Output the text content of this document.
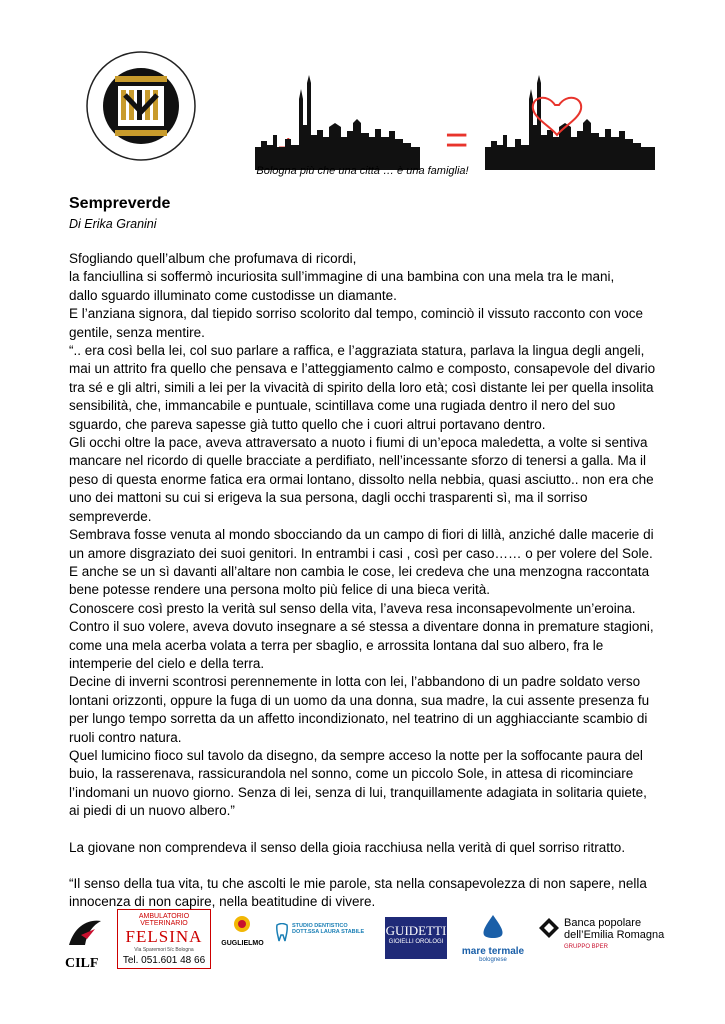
=
Bologna più che una città … è una famiglia!
Sempreverde
Di Erika Granini

Sfogliando quell’album che profumava di ricordi,

la fanciullina si soffermò incuriosita sull’immagine di una bambina con una mela tra le mani,

dallo sguardo illuminato come custodisse un diamante.

E l’anziana signora, dal tiepido sorriso scolorito dal tempo, cominciò il vissuto racconto con voce

gentile, senza mentire.

“.. era così bella lei, col suo parlare a raffica, e l’aggraziata statura, parlava la lingua degli angeli,

mai un attrito fra quello che pensava e l’atteggiamento calmo e composto, consapevole del divario

tra sé e gli altri, simili a lei per la vivacità di spirito della loro età; così distante lei per quella insolita

sensibilità, che, immancabile e puntuale, scintillava come una rugiada dentro il nero del suo

sguardo, che pareva sapesse già tutto quello che i cuori altrui portavano dentro.

Gli occhi oltre la pace, aveva attraversato a nuoto i fiumi di un’epoca maledetta, a volte si sentiva

mancare nel ricordo di quelle bracciate a perdifiato, nell’incessante sforzo di tenersi a galla. Ma il

peso di questa enorme fatica era ormai lontano, dissolto nella nebbia, quasi asciutto.. non era che

uno dei mattoni su cui si erigeva la sua persona, dagli occhi trasparenti sì, ma il sorriso

sempreverde.

Sembrava fosse venuta al mondo sbocciando da un campo di fiori di lillà, anziché dalle macerie di

un amore disgraziato dei suoi genitori. In entrambi i casi , così per caso…… o per volere del Sole.

E anche se un sì davanti all’altare non cambia le cose, lei credeva che una menzogna raccontata

bene potesse rendere una persona molto più felice di una bieca verità.

Conoscere così presto la verità sul senso della vita, l’aveva resa inconsapevolmente un’eroina.

Contro il suo volere, aveva dovuto insegnare a sé stessa a diventare donna in premature stagioni,

come una mela acerba volata a terra per sbaglio, e arrossita lontana dal suo albero, fra le

intemperie del cielo e della terra.

Decine di inverni scontrosi perennemente in lotta con lei, l’abbandono di un padre soldato verso

lontani orizzonti, oppure la fuga di un uomo da una donna, sua madre, la cui assente presenza fu

per lungo tempo sorretta da un affetto incondizionato, nel teatrino di un agghiacciante scambio di

ruoli contro natura.

Quel lumicino fioco sul tavolo da disegno, da sempre acceso la notte per la soffocante paura del

buio, la rasserenava, rassicurandola nel sonno, come un piccolo Sole, in attesa di ricominciare

l’indomani un nuovo giorno. Senza di lei, senza di lui, tranquillamente adagiata in solitaria quiete,

ai piedi di un nuovo albero.”

La giovane non comprendeva il senso della gioia racchiusa nella verità di quel sorriso ritratto.

“Il senso della tua vita, tu che ascolti le mie parole, sta nella consapevolezza di non sapere, nella

innocenza di non capire, nella beatitudine di vivere.

CILF
AMBULATORIO VETERINARIO
FELSINA
Via Sparemori 5/c Bologna
Tel. 051.601 48 66
GUGLIELMO
STUDIO DENTISTICO
DOTT.SSA LAURA STABILE	GUIDETTI
GIOIELLI OROLOGI
mare termale
bolognese
Banca popolare
dell’Emilia Romagna
GRUPPO BPER
